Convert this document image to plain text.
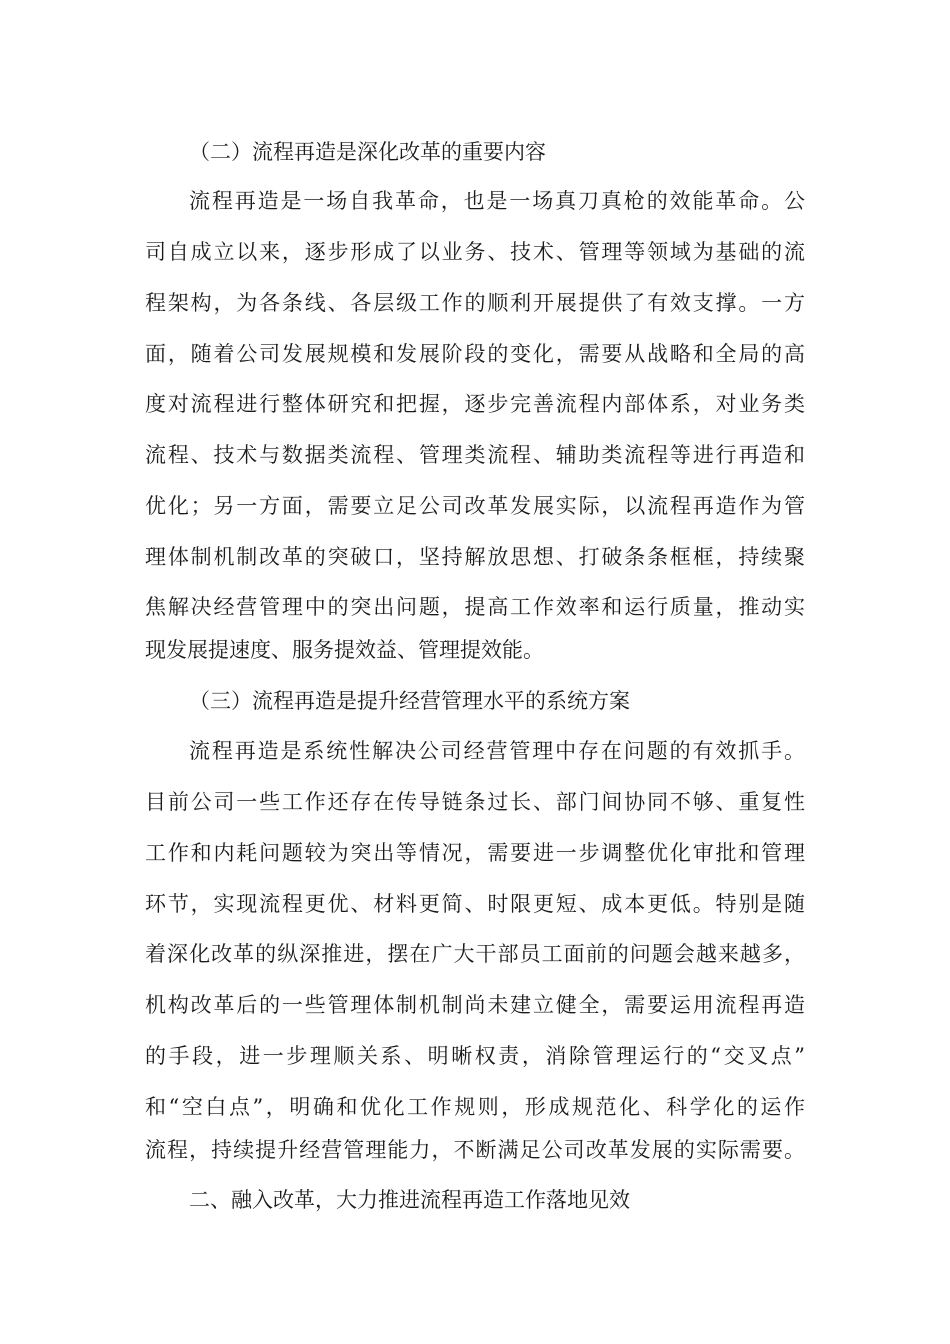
（二）流程再造是深化改革的重要内容
流程再造是一场自我革命，也是一场真刀真枪的效能革命。公
司自成立以来，逐步形成了以业务、技术、管理等领域为基础的流
程架构，为各条线、各层级工作的顺利开展提供了有效支撑。一方
面，随着公司发展规模和发展阶段的变化，需要从战略和全局的高
度对流程进行整体研究和把握，逐步完善流程内部体系，对业务类
流程、技术与数据类流程、管理类流程、辅助类流程等进行再造和
优化；另一方面，需要立足公司改革发展实际，以流程再造作为管
理体制机制改革的突破口，坚持解放思想、打破条条框框，持续聚
焦解决经营管理中的突出问题，提高工作效率和运行质量，推动实
现发展提速度、服务提效益、管理提效能。
（三）流程再造是提升经营管理水平的系统方案
流程再造是系统性解决公司经营管理中存在问题的有效抓手。
目前公司一些工作还存在传导链条过长、部门间协同不够、重复性
工作和内耗问题较为突出等情况，需要进一步调整优化审批和管理
环节，实现流程更优、材料更简、时限更短、成本更低。特别是随
着深化改革的纵深推进，摆在广大干部员工面前的问题会越来越多，
机构改革后的一些管理体制机制尚未建立健全，需要运用流程再造
的手段，进一步理顺关系、明晰权责，消除管理运行的“交叉点”
和“空白点”，明确和优化工作规则，形成规范化、科学化的运作
流程，持续提升经营管理能力，不断满足公司改革发展的实际需要。
二、融入改革，大力推进流程再造工作落地见效
